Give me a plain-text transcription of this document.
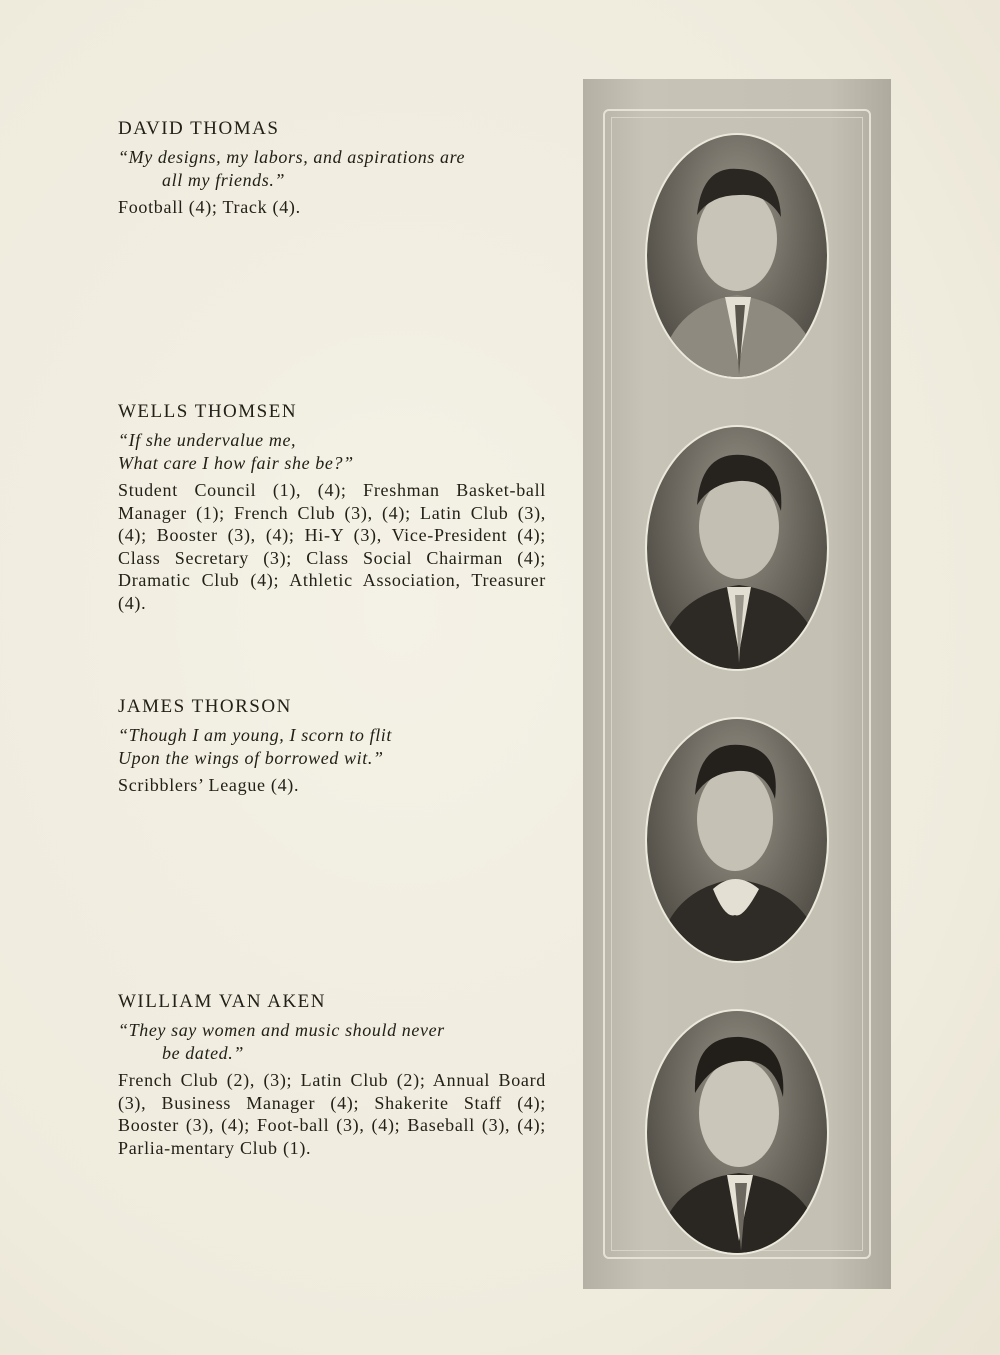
DAVID THOMAS
“My designs, my labors, and aspirations are
all my friends.”

Football (4); Track (4).

WELLS THOMSEN
“If she undervalue me,
What care I how fair she be?”

Student Council (1), (4); Freshman Basket-ball Manager (1); French Club (3), (4); Latin Club (3), (4); Booster (3), (4); Hi-Y (3), Vice-President (4); Class Secretary (3); Class Social Chairman (4); Dramatic Club (4); Athletic Association, Treasurer (4).

JAMES THORSON
“Though I am young, I scorn to flit
Upon the wings of borrowed wit.”

Scribblers’ League (4).

WILLIAM VAN AKEN
“They say women and music should never
be dated.”

French Club (2), (3); Latin Club (2); Annual Board (3), Business Manager (4); Shakerite Staff (4); Booster (3), (4); Foot-ball (3), (4); Baseball (3), (4); Parlia-mentary Club (1).
